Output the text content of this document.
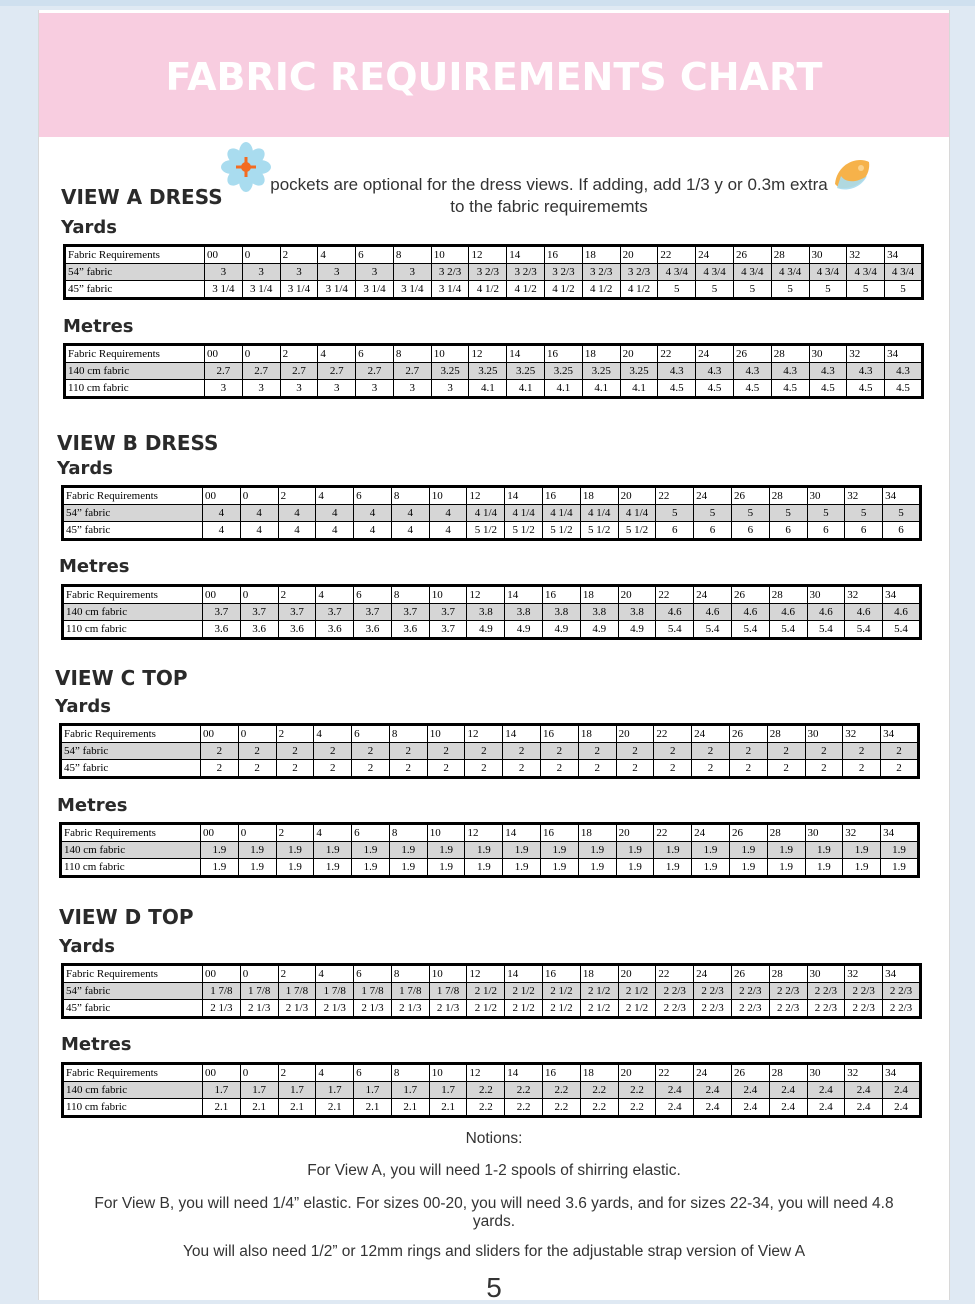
FABRIC REQUIREMENTS CHART

pockets are optional for the dress views. If adding, add 1/3 y or 0.3m extra to the fabric requirememts

VIEW A DRESS
Yards
Fabric Requirements	00	0	2	4	6	8	10	12	14	16	18	20	22	24	26	28	30	32	34
54” fabric	3	3	3	3	3	3	3 2/3	3 2/3	3 2/3	3 2/3	3 2/3	3 2/3	4 3/4	4 3/4	4 3/4	4 3/4	4 3/4	4 3/4	4 3/4
45” fabric	3 1/4	3 1/4	3 1/4	3 1/4	3 1/4	3 1/4	3 1/4	4 1/2	4 1/2	4 1/2	4 1/2	4 1/2	5	5	5	5	5	5	5
Metres
Fabric Requirements	00	0	2	4	6	8	10	12	14	16	18	20	22	24	26	28	30	32	34
140 cm fabric	2.7	2.7	2.7	2.7	2.7	2.7	3.25	3.25	3.25	3.25	3.25	3.25	4.3	4.3	4.3	4.3	4.3	4.3	4.3
110 cm fabric	3	3	3	3	3	3	3	4.1	4.1	4.1	4.1	4.1	4.5	4.5	4.5	4.5	4.5	4.5	4.5
VIEW B DRESS
Yards
Fabric Requirements	00	0	2	4	6	8	10	12	14	16	18	20	22	24	26	28	30	32	34
54” fabric	4	4	4	4	4	4	4	4 1/4	4 1/4	4 1/4	4 1/4	4 1/4	5	5	5	5	5	5	5
45” fabric	4	4	4	4	4	4	4	5 1/2	5 1/2	5 1/2	5 1/2	5 1/2	6	6	6	6	6	6	6
Metres
Fabric Requirements	00	0	2	4	6	8	10	12	14	16	18	20	22	24	26	28	30	32	34
140 cm fabric	3.7	3.7	3.7	3.7	3.7	3.7	3.7	3.8	3.8	3.8	3.8	3.8	4.6	4.6	4.6	4.6	4.6	4.6	4.6
110 cm fabric	3.6	3.6	3.6	3.6	3.6	3.6	3.7	4.9	4.9	4.9	4.9	4.9	5.4	5.4	5.4	5.4	5.4	5.4	5.4
VIEW C TOP
Yards
Fabric Requirements	00	0	2	4	6	8	10	12	14	16	18	20	22	24	26	28	30	32	34
54” fabric	2	2	2	2	2	2	2	2	2	2	2	2	2	2	2	2	2	2	2
45” fabric	2	2	2	2	2	2	2	2	2	2	2	2	2	2	2	2	2	2	2
Metres
Fabric Requirements	00	0	2	4	6	8	10	12	14	16	18	20	22	24	26	28	30	32	34
140 cm fabric	1.9	1.9	1.9	1.9	1.9	1.9	1.9	1.9	1.9	1.9	1.9	1.9	1.9	1.9	1.9	1.9	1.9	1.9	1.9
110 cm fabric	1.9	1.9	1.9	1.9	1.9	1.9	1.9	1.9	1.9	1.9	1.9	1.9	1.9	1.9	1.9	1.9	1.9	1.9	1.9
VIEW D TOP
Yards
Fabric Requirements	00	0	2	4	6	8	10	12	14	16	18	20	22	24	26	28	30	32	34
54” fabric	1 7/8	1 7/8	1 7/8	1 7/8	1 7/8	1 7/8	1 7/8	2 1/2	2 1/2	2 1/2	2 1/2	2 1/2	2 2/3	2 2/3	2 2/3	2 2/3	2 2/3	2 2/3	2 2/3
45” fabric	2 1/3	2 1/3	2 1/3	2 1/3	2 1/3	2 1/3	2 1/3	2 1/2	2 1/2	2 1/2	2 1/2	2 1/2	2 2/3	2 2/3	2 2/3	2 2/3	2 2/3	2 2/3	2 2/3
Metres
Fabric Requirements	00	0	2	4	6	8	10	12	14	16	18	20	22	24	26	28	30	32	34
140 cm fabric	1.7	1.7	1.7	1.7	1.7	1.7	1.7	2.2	2.2	2.2	2.2	2.2	2.4	2.4	2.4	2.4	2.4	2.4	2.4
110 cm fabric	2.1	2.1	2.1	2.1	2.1	2.1	2.1	2.2	2.2	2.2	2.2	2.2	2.4	2.4	2.4	2.4	2.4	2.4	2.4
Notions:
For View A, you will need 1-2 spools of shirring elastic.
For View B, you will need 1/4” elastic. For sizes 00-20, you will need 3.6 yards, and for sizes 22-34, you will need 4.8 yards.
You will also need 1/2” or 12mm rings and sliders for the adjustable strap version of View A
5
